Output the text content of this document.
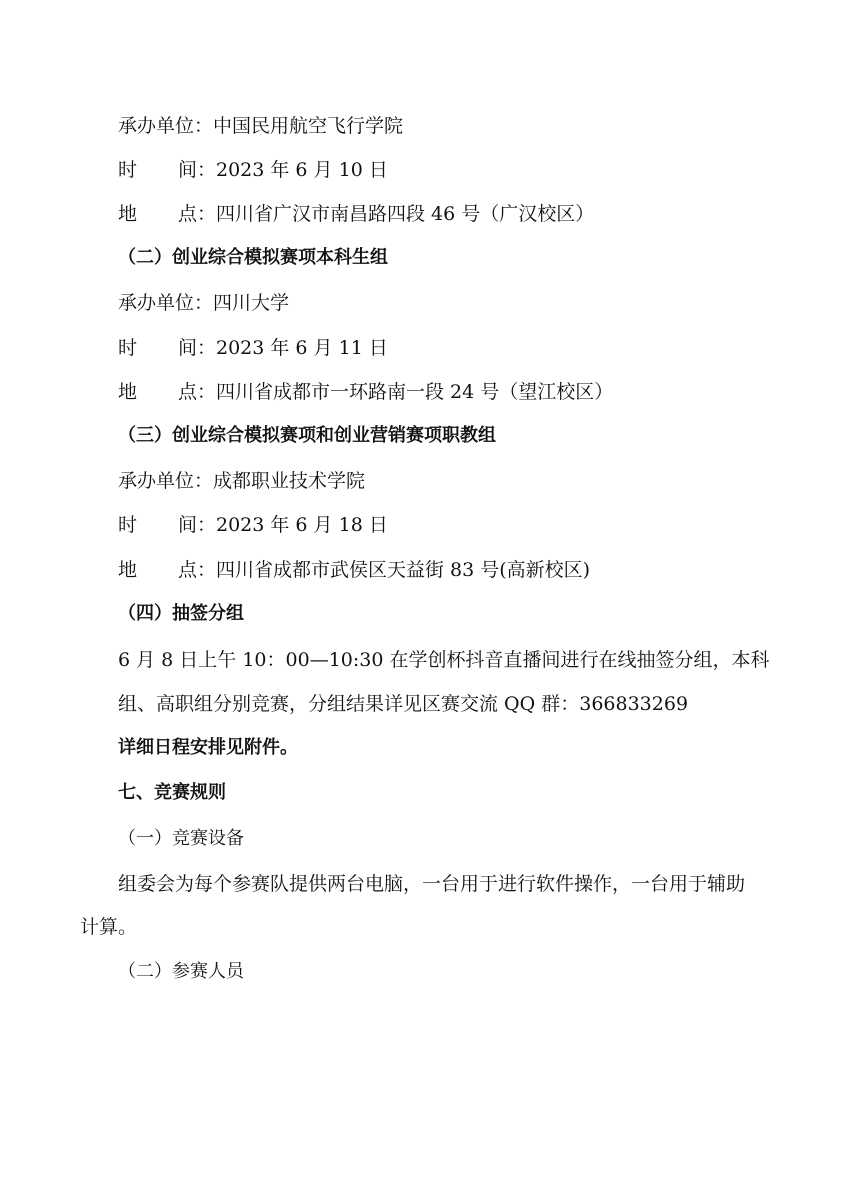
承办单位：中国民用航空飞行学院
时 间：2023 年 6 月 10 日
地 点：四川省广汉市南昌路四段 46 号（广汉校区）
（二）创业综合模拟赛项本科生组
承办单位：四川大学
时 间：2023 年 6 月 11 日
地 点：四川省成都市一环路南一段 24 号（望江校区）
（三）创业综合模拟赛项和创业营销赛项职教组
承办单位：成都职业技术学院
时 间：2023 年 6 月 18 日
地 点：四川省成都市武侯区天益街 83 号(高新校区)
（四）抽签分组
6 月 8 日上午 10：00—10:30 在学创杯抖音直播间进行在线抽签分组，本科
组、高职组分别竞赛，分组结果详见区赛交流 QQ 群：366833269
详细日程安排见附件。
七、竞赛规则
（一）竞赛设备
组委会为每个参赛队提供两台电脑，一台用于进行软件操作，一台用于辅助
计算。
（二）参赛人员
